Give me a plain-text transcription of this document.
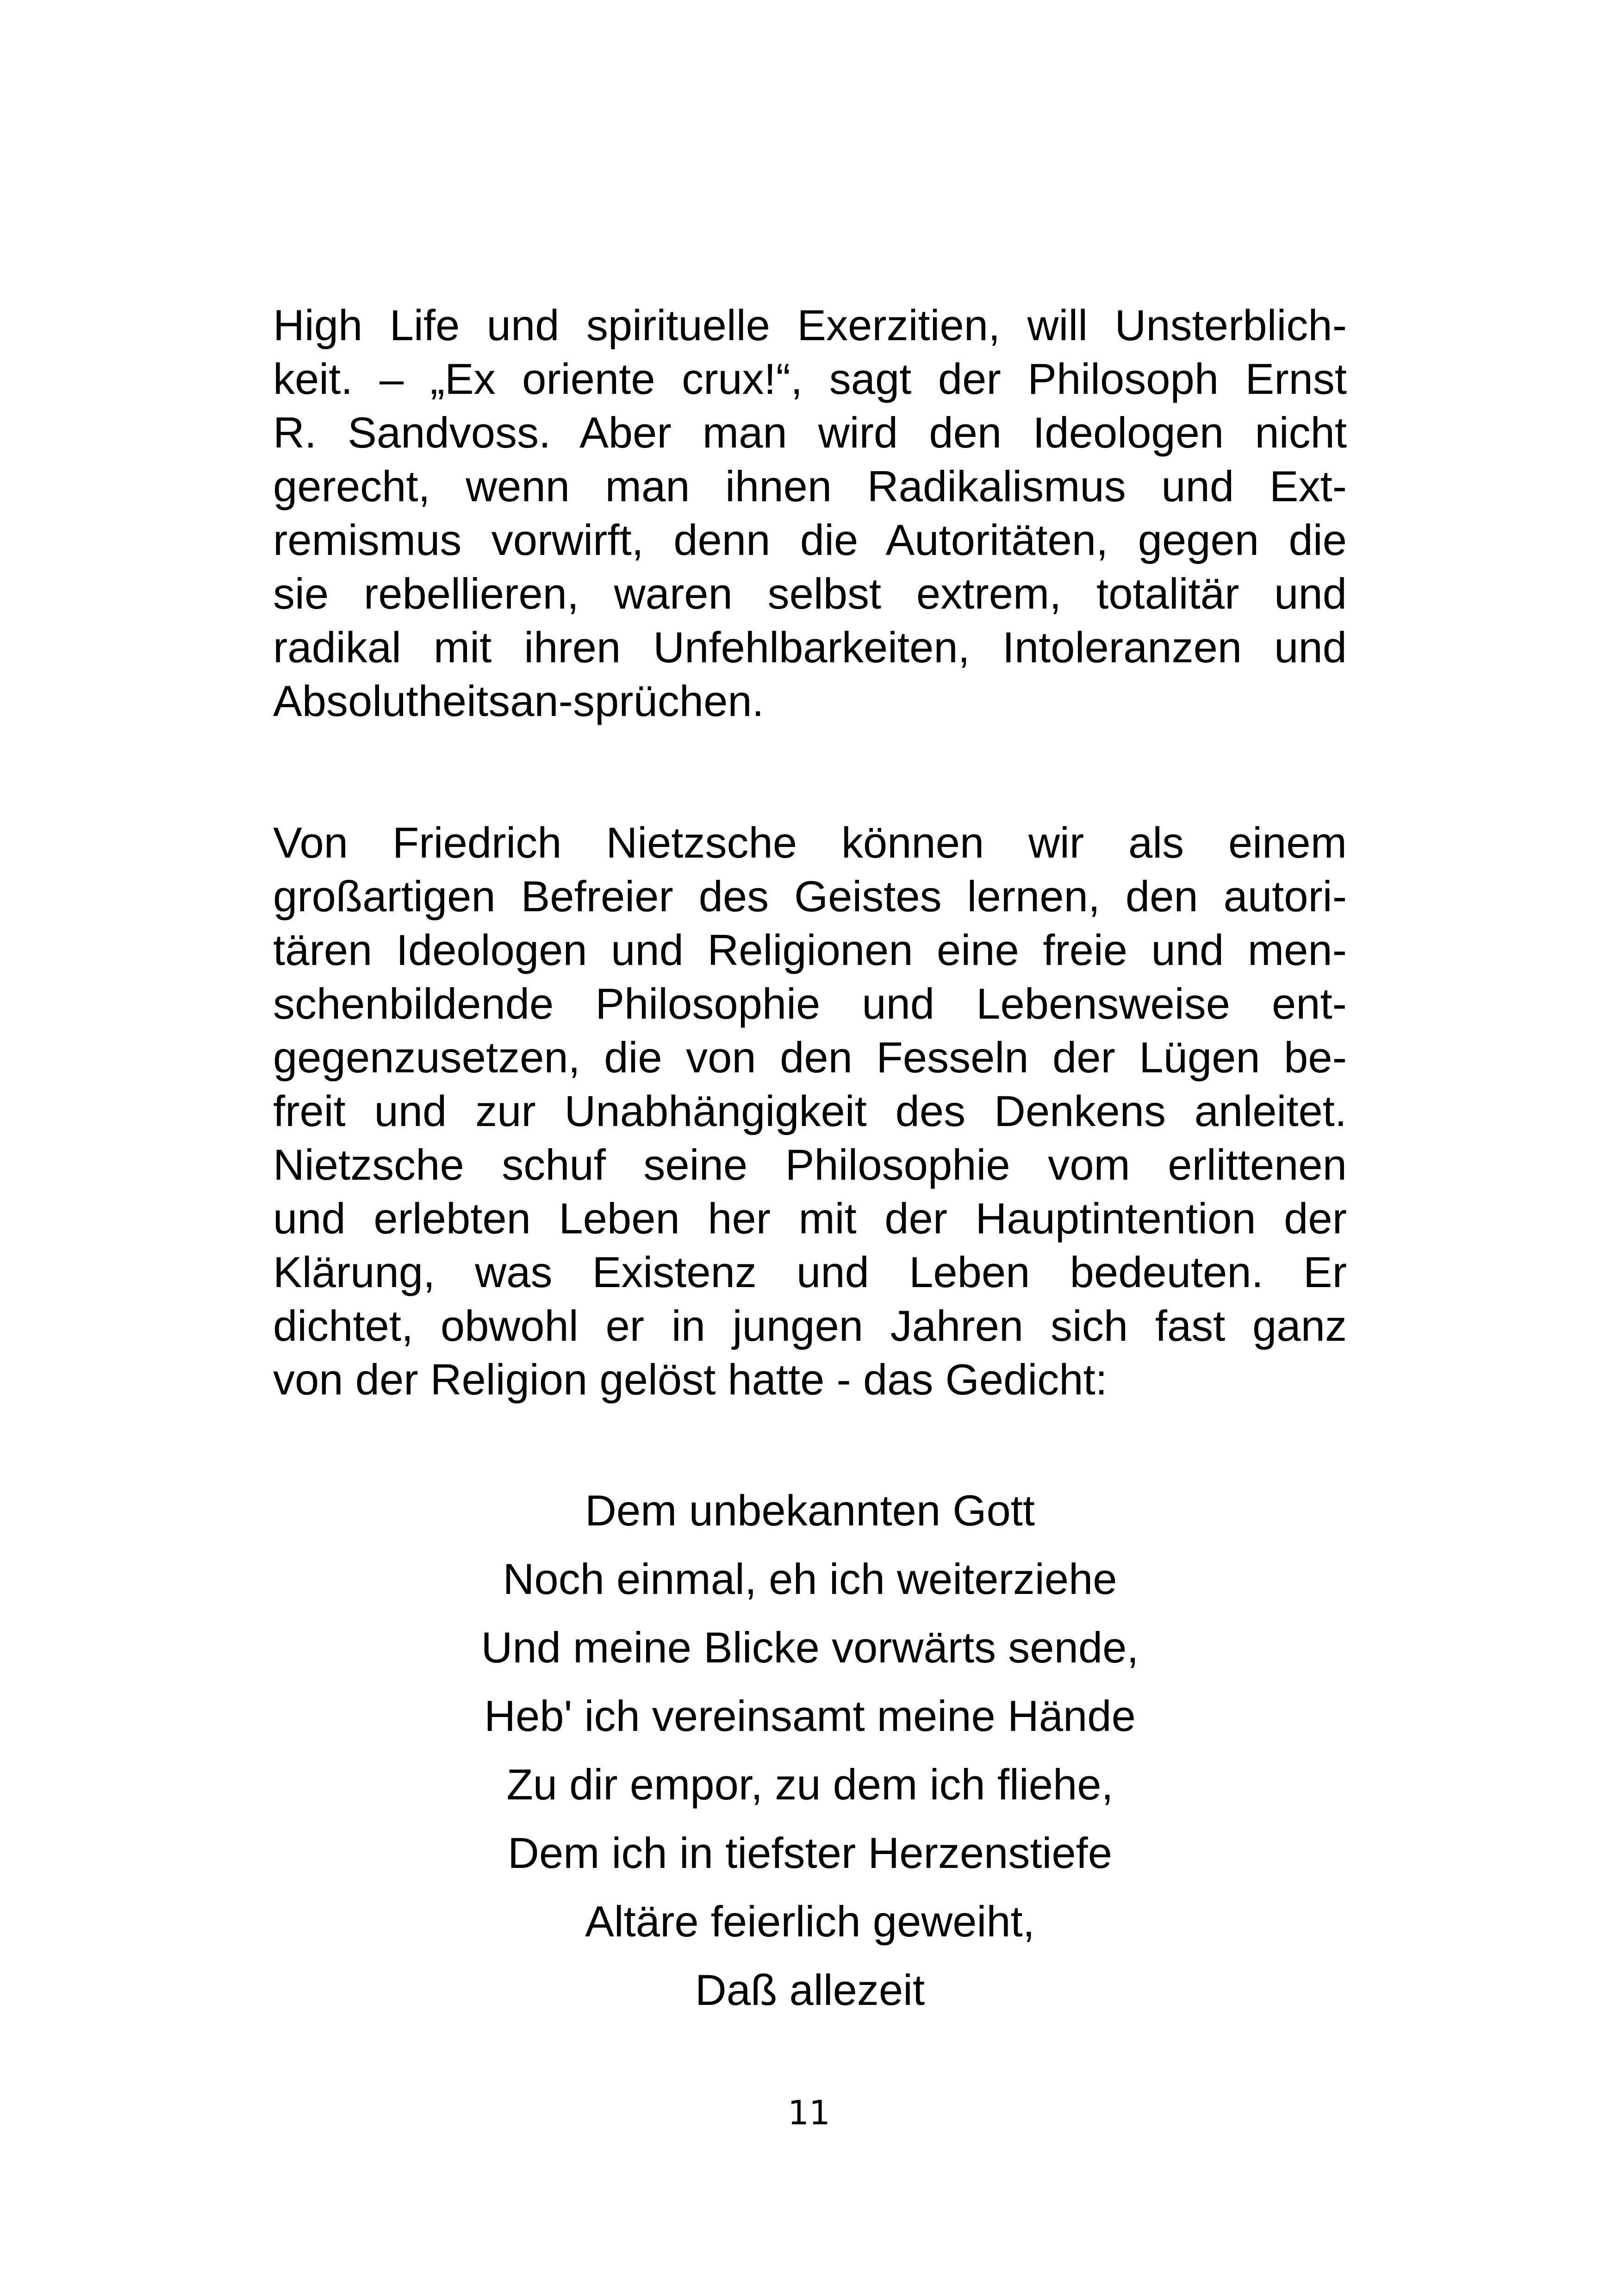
High Life und spirituelle Exerzitien, will Unsterblich-
keit. – „Ex oriente crux!“, sagt der Philosoph Ernst
R. Sandvoss. Aber man wird den Ideologen nicht
gerecht, wenn man ihnen Radikalismus und Ext-
remismus vorwirft, denn die Autoritäten, gegen die
sie rebellieren, waren selbst extrem, totalitär und
radikal mit ihren Unfehlbarkeiten, Intoleranzen und
Absolutheitsan-sprüchen.
Von Friedrich Nietzsche können wir als einem
großartigen Befreier des Geistes lernen, den autori-
tären Ideologen und Religionen eine freie und men-
schenbildende Philosophie und Lebensweise ent-
gegenzusetzen, die von den Fesseln der Lügen be-
freit und zur Unabhängigkeit des Denkens anleitet.
Nietzsche schuf seine Philosophie vom erlittenen
und erlebten Leben her mit der Hauptintention der
Klärung, was Existenz und Leben bedeuten. Er
dichtet, obwohl er in jungen Jahren sich fast ganz
von der Religion gelöst hatte - das Gedicht:
Dem unbekannten Gott
Noch einmal, eh ich weiterziehe
Und meine Blicke vorwärts sende,
Heb' ich vereinsamt meine Hände
Zu dir empor, zu dem ich fliehe,
Dem ich in tiefster Herzenstiefe
Altäre feierlich geweiht,
Daß allezeit
11
